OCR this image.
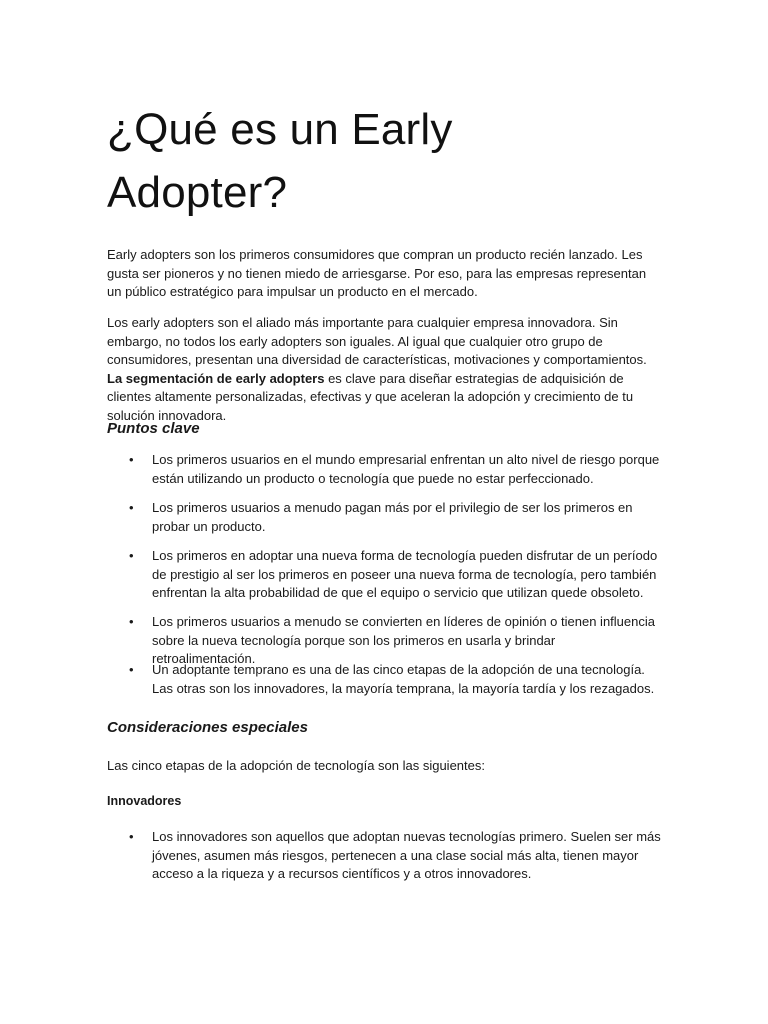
¿Qué es un Early Adopter?

Early adopters son los primeros consumidores que compran un producto recién lanzado. Les gusta ser pioneros y no tienen miedo de arriesgarse. Por eso, para las empresas representan un público estratégico para impulsar un producto en el mercado.

Los early adopters son el aliado más importante para cualquier empresa innovadora. Sin embargo, no todos los early adopters son iguales. Al igual que cualquier otro grupo de consumidores, presentan una diversidad de características, motivaciones y comportamientos. La segmentación de early adopters es clave para diseñar estrategias de adquisición de clientes altamente personalizadas, efectivas y que aceleran la adopción y crecimiento de tu solución innovadora.

Puntos clave
• Los primeros usuarios en el mundo empresarial enfrentan un alto nivel de riesgo porque están utilizando un producto o tecnología que puede no estar perfeccionado.

• Los primeros usuarios a menudo pagan más por el privilegio de ser los primeros en probar un producto.

• Los primeros en adoptar una nueva forma de tecnología pueden disfrutar de un período de prestigio al ser los primeros en poseer una nueva forma de tecnología, pero también enfrentan la alta probabilidad de que el equipo o servicio que utilizan quede obsoleto.

• Los primeros usuarios a menudo se convierten en líderes de opinión o tienen influencia sobre la nueva tecnología porque son los primeros en usarla y brindar retroalimentación.

• Un adoptante temprano es una de las cinco etapas de la adopción de una tecnología. Las otras son los innovadores, la mayoría temprana, la mayoría tardía y los rezagados.

Consideraciones especiales

Las cinco etapas de la adopción de tecnología son las siguientes:

Innovadores
• Los innovadores son aquellos que adoptan nuevas tecnologías primero. Suelen ser más jóvenes, asumen más riesgos, pertenecen a una clase social más alta, tienen mayor acceso a la riqueza y a recursos científicos y a otros innovadores.
